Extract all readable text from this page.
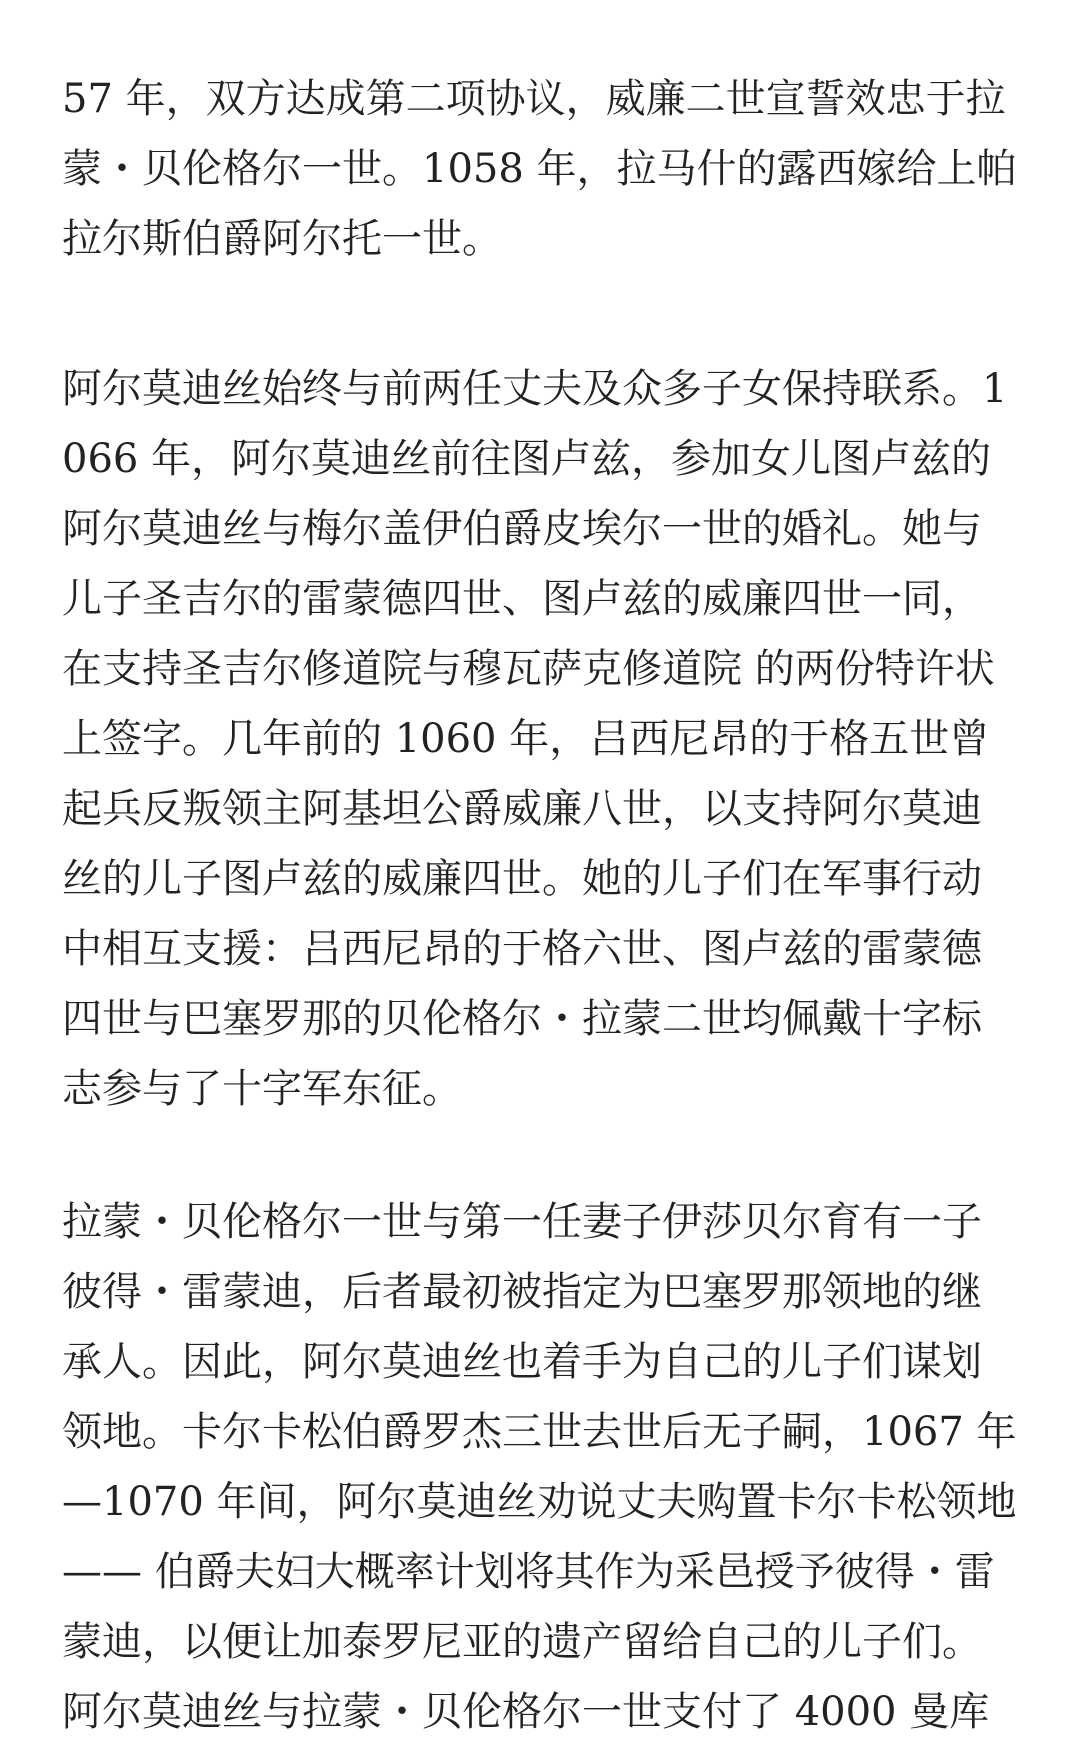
57 年，双方达成第二项协议，威廉二世宣誓效忠于拉
蒙・贝伦格尔一世。1058 年，拉马什的露西嫁给上帕
拉尔斯伯爵阿尔托一世。
阿尔莫迪丝始终与前两任丈夫及众多子女保持联系。1
066 年，阿尔莫迪丝前往图卢兹，参加女儿图卢兹的
阿尔莫迪丝与梅尔盖伊伯爵皮埃尔一世的婚礼。她与
儿子圣吉尔的雷蒙德四世、图卢兹的威廉四世一同，
在支持圣吉尔修道院与穆瓦萨克修道院 的两份特许状
上签字。几年前的 1060 年，吕西尼昂的于格五世曾
起兵反叛领主阿基坦公爵威廉八世，以支持阿尔莫迪
丝的儿子图卢兹的威廉四世。她的儿子们在军事行动
中相互支援：吕西尼昂的于格六世、图卢兹的雷蒙德
四世与巴塞罗那的贝伦格尔・拉蒙二世均佩戴十字标
志参与了十字军东征。
拉蒙・贝伦格尔一世与第一任妻子伊莎贝尔育有一子
彼得・雷蒙迪，后者最初被指定为巴塞罗那领地的继
承人。因此，阿尔莫迪丝也着手为自己的儿子们谋划
领地。卡尔卡松伯爵罗杰三世去世后无子嗣，1067 年
—1070 年间，阿尔莫迪丝劝说丈夫购置卡尔卡松领地
—— 伯爵夫妇大概率计划将其作为采邑授予彼得・雷
蒙迪，以便让加泰罗尼亚的遗产留给自己的儿子们。
阿尔莫迪丝与拉蒙・贝伦格尔一世支付了 4000 曼库
